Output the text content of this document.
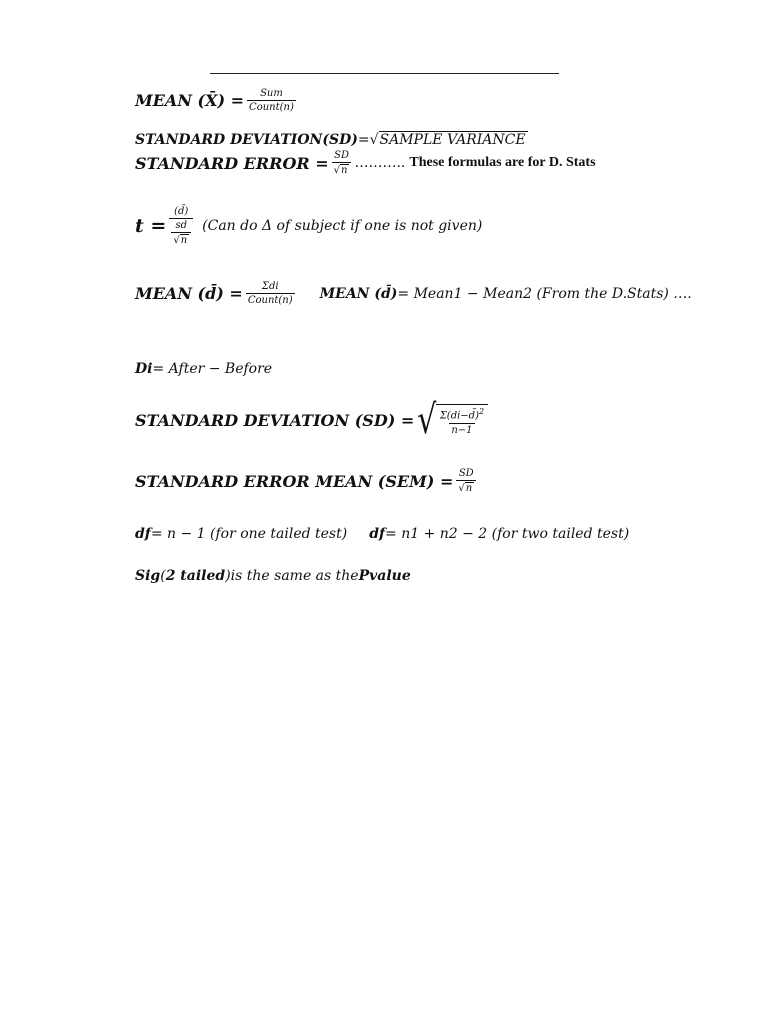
MEAN (X̄) = $\frac{\text{Sum}}{\text{Count(n)}}$
STANDARD DEVIATION(SD) = √ SAMPLE VARIANCE
STANDARD ERROR = $\frac{SD}{√n}$ ……….. These formulas are for D. Stats
$t = \frac{(d̄)}{\frac{sd}{√n}} (Can$ do Δ of subject if one is not given)
MEAN (d̄) = $\frac{\text{Σdi}}{\text{Count(n)}}$ MEAN (d̄) = Mean1 − Mean2 (From the D.Stats) ….
Di = After − Before
STANDARD DEVIATION (SD) = √ $\frac{\Sigma(di-d̄)^2}{n-1}$
STANDARD ERROR MEAN $(SEM) = \frac{SD}{√n}$
df = n − 1 (for one tailed test) df = n1 + n2 − 2 (for two tailed test)
Sig ( 2 tailed )is the same as the Pvalue
